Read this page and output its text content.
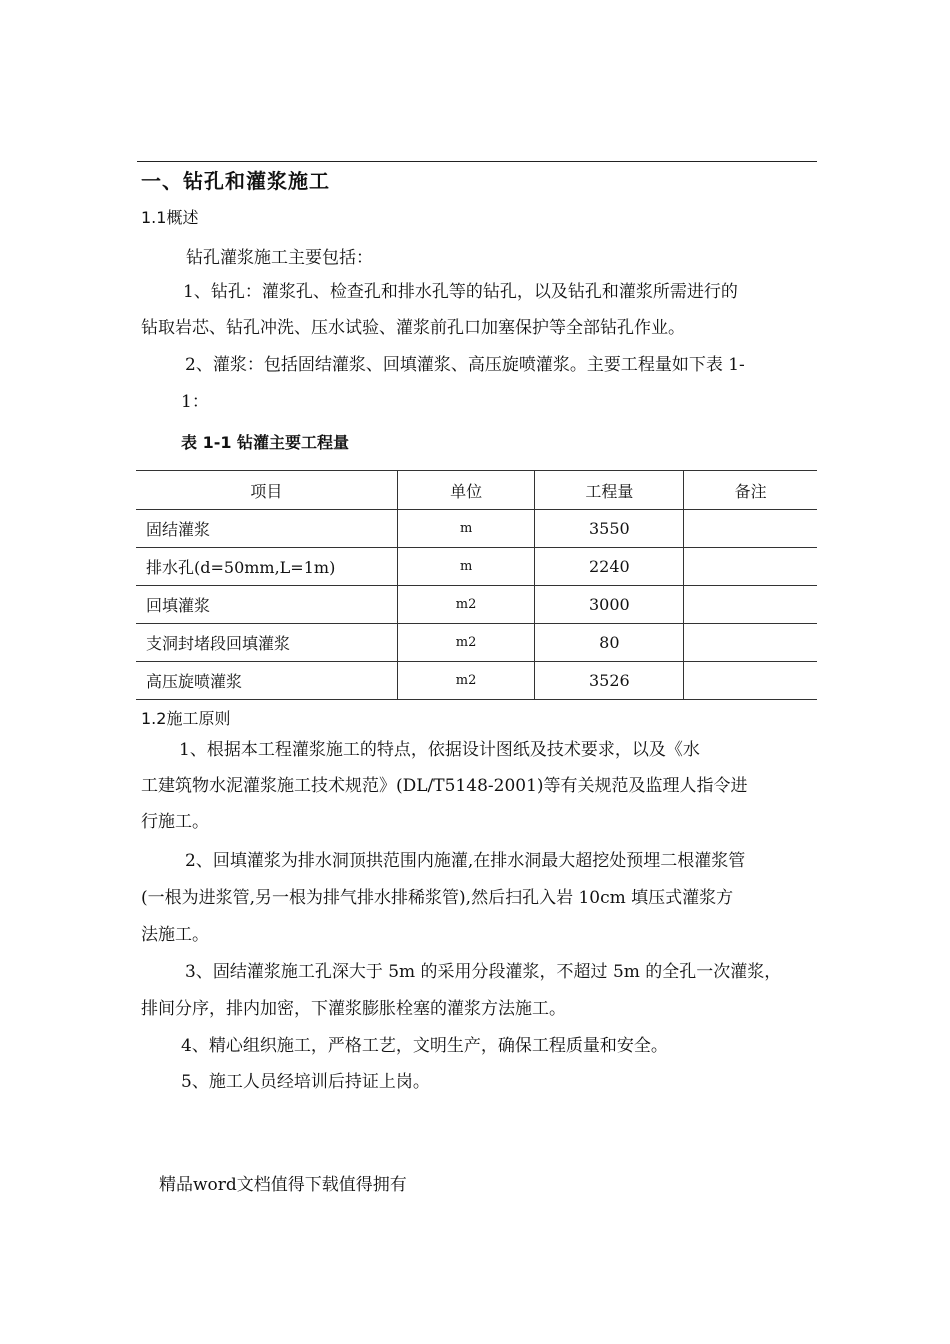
一、钻孔和灌浆施工
1.1概述
钻孔灌浆施工主要包括：
1、钻孔：灌浆孔、检查孔和排水孔等的钻孔，以及钻孔和灌浆所需进行的
钻取岩芯、钻孔冲洗、压水试验、灌浆前孔口加塞保护等全部钻孔作业。
2、灌浆：包括固结灌浆、回填灌浆、高压旋喷灌浆。主要工程量如下表 1-
1：
表 1-1 钻灌主要工程量
项目	单位	工程量	备注
固结灌浆	m	3550	
排水孔(d=50mm,L=1m)	m	2240	
回填灌浆	m2	3000	
支洞封堵段回填灌浆	m2	80	
高压旋喷灌浆	m2	3526	
1.2施工原则
1、根据本工程灌浆施工的特点，依据设计图纸及技术要求，以及《水
工建筑物水泥灌浆施工技术规范》(DL/T5148-2001)等有关规范及监理人指令进
行施工。
2、回填灌浆为排水洞顶拱范围内施灌,在排水洞最大超挖处预埋二根灌浆管
(一根为进浆管,另一根为排气排水排稀浆管),然后扫孔入岩 10cm 填压式灌浆方
法施工。
3、固结灌浆施工孔深大于 5m 的采用分段灌浆，不超过 5m 的全孔一次灌浆，
排间分序，排内加密，下灌浆膨胀栓塞的灌浆方法施工。
4、精心组织施工，严格工艺，文明生产，确保工程质量和安全。
5、施工人员经培训后持证上岗。
精品word文档值得下载值得拥有
